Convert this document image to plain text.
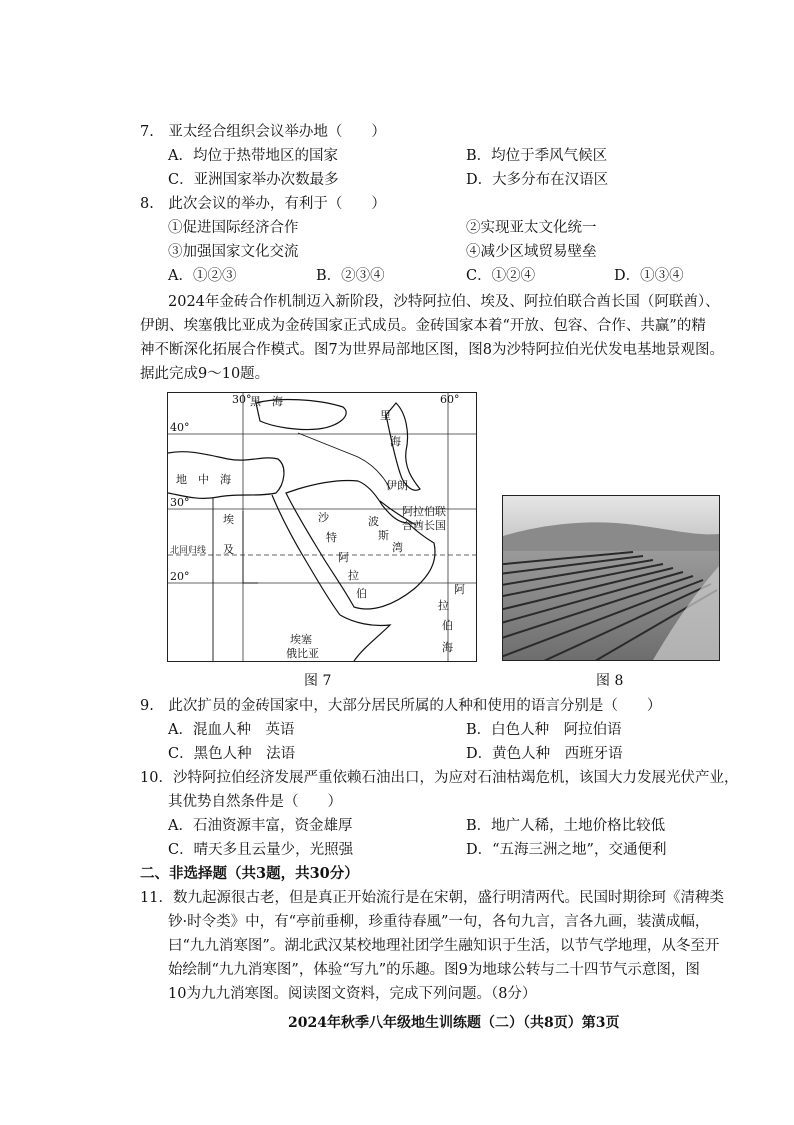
7.　亚太经合组织会议举办地（　　）
A．均位于热带地区的国家	B．均位于季风气候区
C．亚洲国家举办次数最多	D．大多分布在汉语区
8.　此次会议的举办，有利于（　　）
①促进国际经济合作	②实现亚太文化统一
③加强国家文化交流	④减少区域贸易壁垒
A．①②③	B．②③④	C．①②④	D．①③④
2024年金砖合作机制迈入新阶段，沙特阿拉伯、埃及、阿拉伯联合酋长国（阿联酋）、
伊朗、埃塞俄比亚成为金砖国家正式成员。金砖国家本着“开放、包容、合作、共赢”的精
神不断深化拓展合作模式。图7为世界局部地区图，图8为沙特阿拉伯光伏发电基地景观图。
据此完成9～10题。
30°	60°
40°
30°
20°
黑 海
里
海
地　中　海
埃
及
沙
特
阿
拉
伯
伊朗
波
斯
湾
阿拉伯联
合酋长国
北回归线
阿
拉
伯
海
埃塞
俄比亚
图 7	图 8
9.　此次扩员的金砖国家中，大部分居民所属的人种和使用的语言分别是（　　）
A．混血人种　英语	B．白色人种　阿拉伯语
C．黑色人种　法语	D．黄色人种　西班牙语
10．沙特阿拉伯经济发展严重依赖石油出口，为应对石油枯竭危机，该国大力发展光伏产业，
其优势自然条件是（　　）
A．石油资源丰富，资金雄厚	B．地广人稀，土地价格比较低
C．晴天多且云量少，光照强	D．“五海三洲之地”，交通便利
二、非选择题（共3题，共30分）
11．数九起源很古老，但是真正开始流行是在宋朝，盛行明清两代。民国时期徐珂《清稗类
钞·时令类》中，有“亭前垂柳，珍重待春風”一句，各句九言，言各九画，装潢成幅，
曰“九九消寒图”。湖北武汉某校地理社团学生融知识于生活，以节气学地理，从冬至开
始绘制“九九消寒图”，体验“写九”的乐趣。图9为地球公转与二十四节气示意图，图
10为九九消寒图。阅读图文资料，完成下列问题。（8分）
2024年秋季八年级地生训练题（二）（共8页）第3页
